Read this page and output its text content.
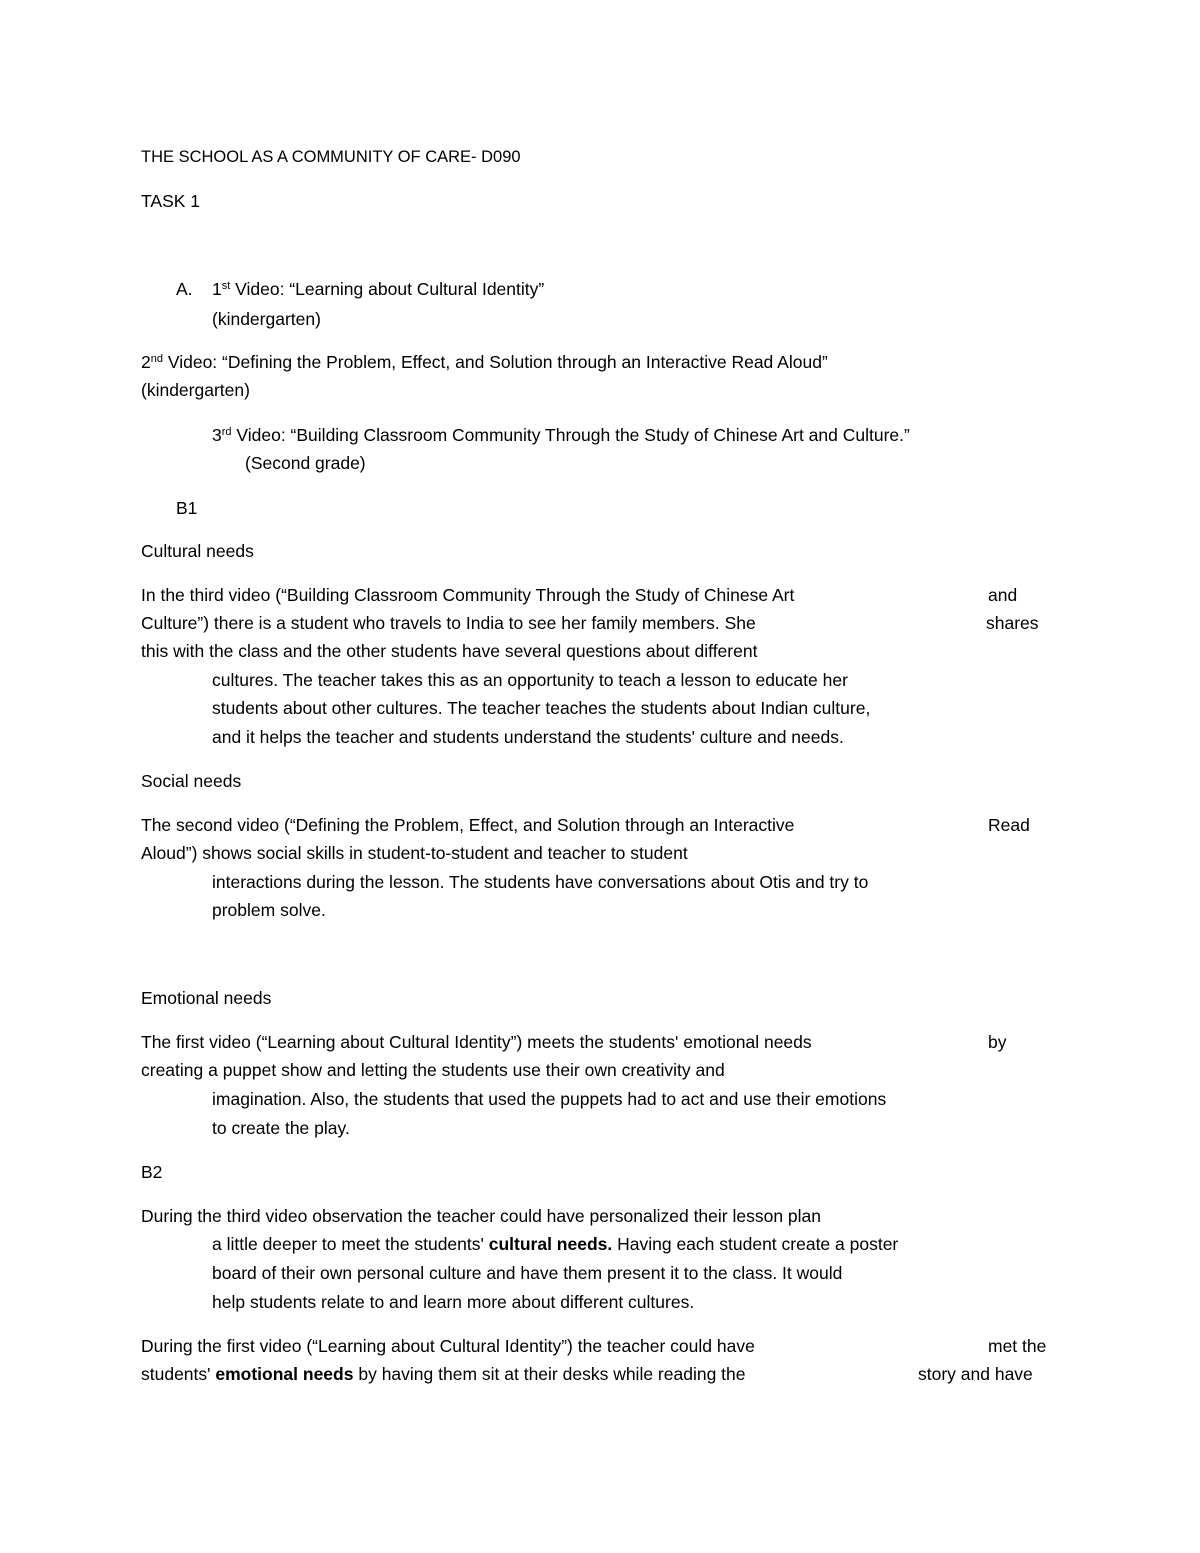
THE SCHOOL AS A COMMUNITY OF CARE- D090
TASK 1
A. 1st Video: “Learning about Cultural Identity”
(kindergarten)
2nd Video: “Defining the Problem, Effect, and Solution through an Interactive Read Aloud”
(kindergarten)
3rd Video: “Building Classroom Community Through the Study of Chinese Art and Culture.”
(Second grade)
B1
Cultural needs
In the third video (“Building Classroom Community Through the Study of Chinese Art	and
Culture”) there is a student who travels to India to see her family members. She	shares
this with the class and the other students have several questions about different
cultures. The teacher takes this as an opportunity to teach a lesson to educate her
students about other cultures. The teacher teaches the students about Indian culture,
and it helps the teacher and students understand the students' culture and needs.
Social needs
The second video (“Defining the Problem, Effect, and Solution through an Interactive	Read
Aloud”) shows social skills in student-to-student and teacher to student
interactions during the lesson. The students have conversations about Otis and try to
problem solve.
Emotional needs
The first video (“Learning about Cultural Identity”) meets the students' emotional needs	by
creating a puppet show and letting the students use their own creativity and
imagination. Also, the students that used the puppets had to act and use their emotions
to create the play.
B2
During the third video observation the teacher could have personalized their lesson plan
a little deeper to meet the students' cultural needs. Having each student create a poster
board of their own personal culture and have them present it to the class. It would
help students relate to and learn more about different cultures.
During the first video (“Learning about Cultural Identity”) the teacher could have	met the
students' emotional needs by having them sit at their desks while reading the	story and have
